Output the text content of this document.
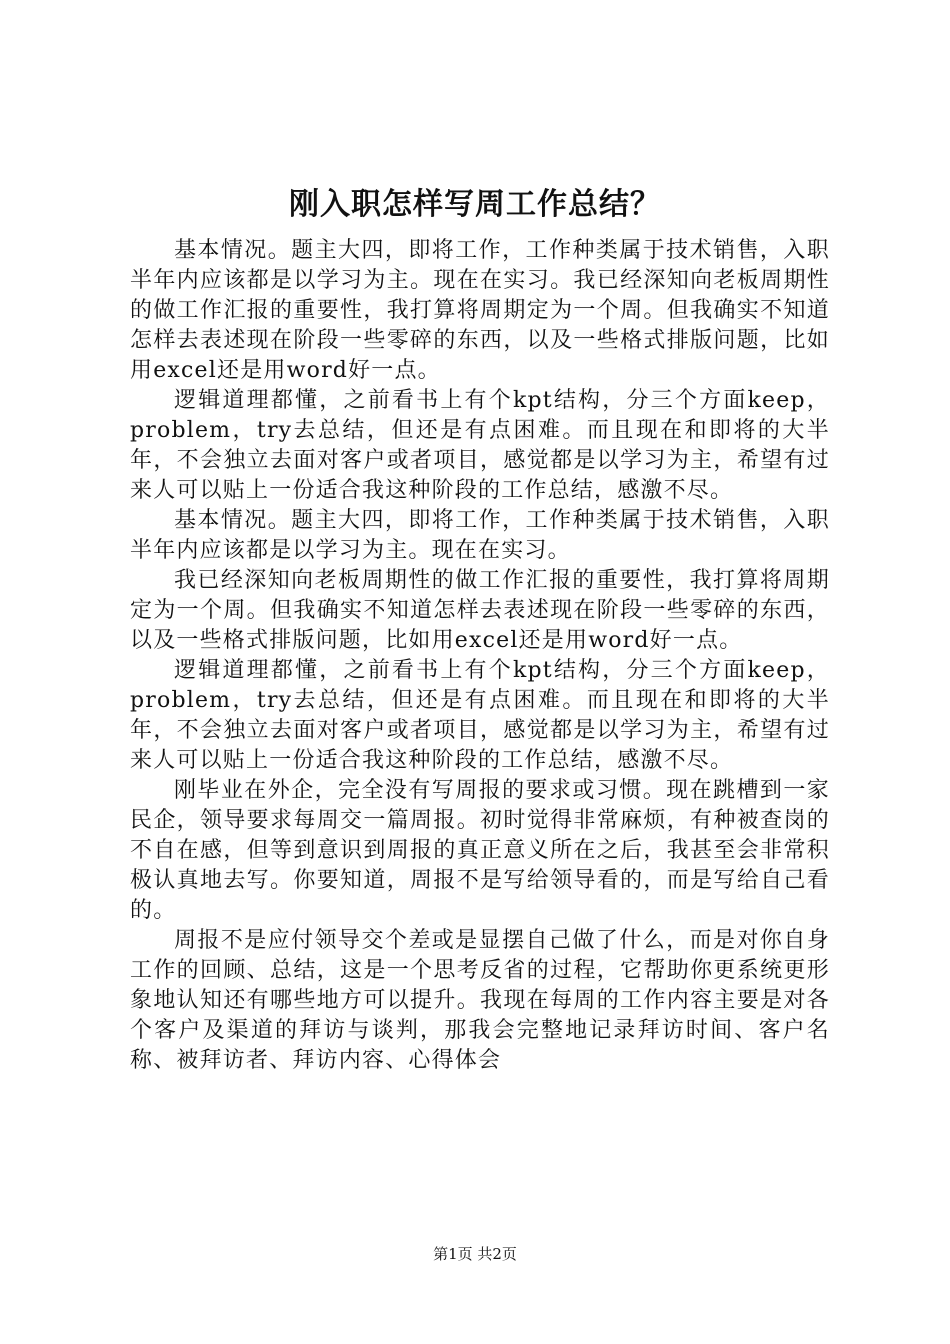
刚入职怎样写周工作总结？

基本情况。题主大四，即将工作，工作种类属于技术销售，入职半年内应该都是以学习为主。现在在实习。我已经深知向老板周期性的做工作汇报的重要性，我打算将周期定为一个周。但我确实不知道怎样去表述现在阶段一些零碎的东西，以及一些格式排版问题，比如用excel还是用word好一点。

逻辑道理都懂，之前看书上有个kpt结构，分三个方面keep，problem，try去总结，但还是有点困难。而且现在和即将的大半年，不会独立去面对客户或者项目，感觉都是以学习为主，希望有过来人可以贴上一份适合我这种阶段的工作总结，感激不尽。

基本情况。题主大四，即将工作，工作种类属于技术销售，入职半年内应该都是以学习为主。现在在实习。

我已经深知向老板周期性的做工作汇报的重要性，我打算将周期定为一个周。但我确实不知道怎样去表述现在阶段一些零碎的东西，以及一些格式排版问题，比如用excel还是用word好一点。

逻辑道理都懂，之前看书上有个kpt结构，分三个方面keep，problem，try去总结，但还是有点困难。而且现在和即将的大半年，不会独立去面对客户或者项目，感觉都是以学习为主，希望有过来人可以贴上一份适合我这种阶段的工作总结，感激不尽。

刚毕业在外企，完全没有写周报的要求或习惯。现在跳槽到一家民企，领导要求每周交一篇周报。初时觉得非常麻烦，有种被查岗的不自在感，但等到意识到周报的真正意义所在之后，我甚至会非常积极认真地去写。你要知道，周报不是写给领导看的，而是写给自己看的。

周报不是应付领导交个差或是显摆自己做了什么，而是对你自身工作的回顾、总结，这是一个思考反省的过程，它帮助你更系统更形象地认知还有哪些地方可以提升。我现在每周的工作内容主要是对各个客户及渠道的拜访与谈判，那我会完整地记录拜访时间、客户名称、被拜访者、拜访内容、心得体会

第1页 共2页
